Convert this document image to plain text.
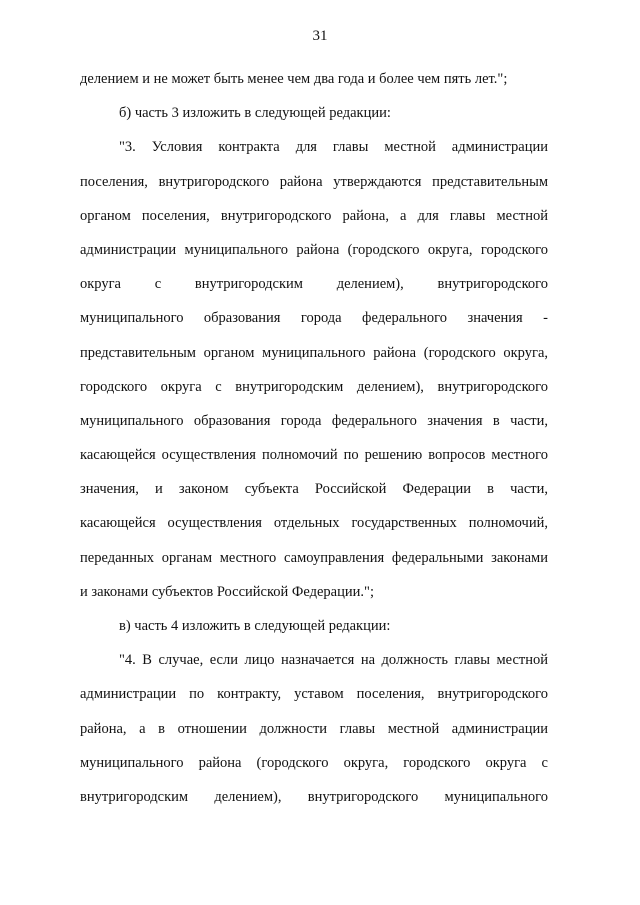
31
делением и не может быть менее чем два года и более чем пять лет.";
б) часть 3 изложить в следующей редакции:
"3. Условия контракта для главы местной администрации
поселения, внутригородского района утверждаются представительным
органом поселения, внутригородского района, а для главы местной
администрации муниципального района (городского округа, городского
округа с внутригородским делением), внутригородского
муниципального образования города федерального значения -
представительным органом муниципального района (городского округа,
городского округа с внутригородским делением), внутригородского
муниципального образования города федерального значения в части,
касающейся осуществления полномочий по решению вопросов местного
значения, и законом субъекта Российской Федерации в части,
касающейся осуществления отдельных государственных полномочий,
переданных органам местного самоуправления федеральными законами
и законами субъектов Российской Федерации.";
в) часть 4 изложить в следующей редакции:
"4. В случае, если лицо назначается на должность главы местной
администрации по контракту, уставом поселения, внутригородского
района, а в отношении должности главы местной администрации
муниципального района (городского округа, городского округа с
внутригородским делением), внутригородского муниципального
